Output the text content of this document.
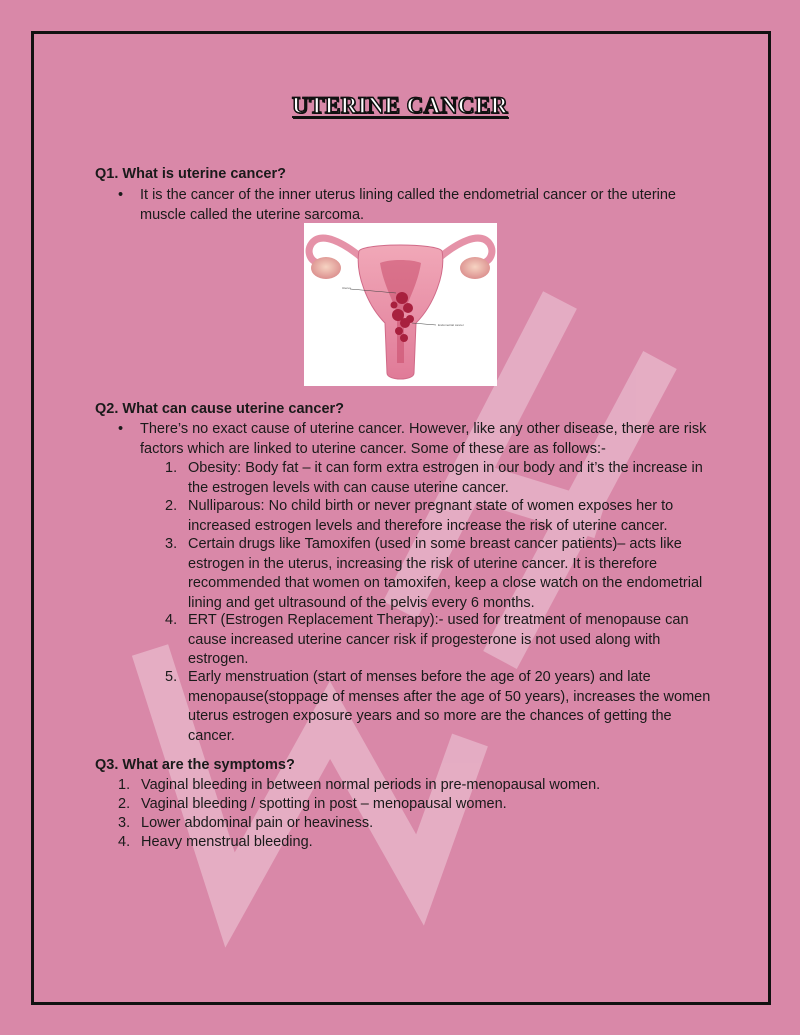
UTERINE CANCER
Q1. What is uterine cancer?
•	It is the cancer of the inner uterus lining called the endometrial cancer or the uterine muscle called the uterine sarcoma.
Uterus
Endometrial cancer
Q2. What can cause uterine cancer?
•	There’s no exact cause of uterine cancer. However, like any other disease, there are risk factors which are linked to uterine cancer. Some of these are as follows:-
1. Obesity: Body fat – it can form extra estrogen in our body and it’s the increase in the estrogen levels with can cause uterine cancer.
2. Nulliparous: No child birth or never pregnant state of women exposes her to increased estrogen levels and therefore increase the risk of uterine cancer.
3. Certain drugs like Tamoxifen (used in some breast cancer patients)– acts like estrogen in the uterus, increasing the risk of uterine cancer. It is therefore recommended that women on tamoxifen, keep a close watch on the endometrial lining and get ultrasound of the pelvis every 6 months.
4. ERT (Estrogen Replacement Therapy):- used for treatment of menopause can cause increased uterine cancer risk if progesterone is not used along with estrogen.
5. Early menstruation (start of menses before the age of 20 years) and late menopause(stoppage of menses after the age of 50 years), increases the women uterus estrogen exposure years and so more are the chances of getting the cancer.
Q3. What are the symptoms?
1. Vaginal bleeding in between normal periods in pre-menopausal women.
2. Vaginal bleeding / spotting in post – menopausal women.
3. Lower abdominal pain or heaviness.
4. Heavy menstrual bleeding.
